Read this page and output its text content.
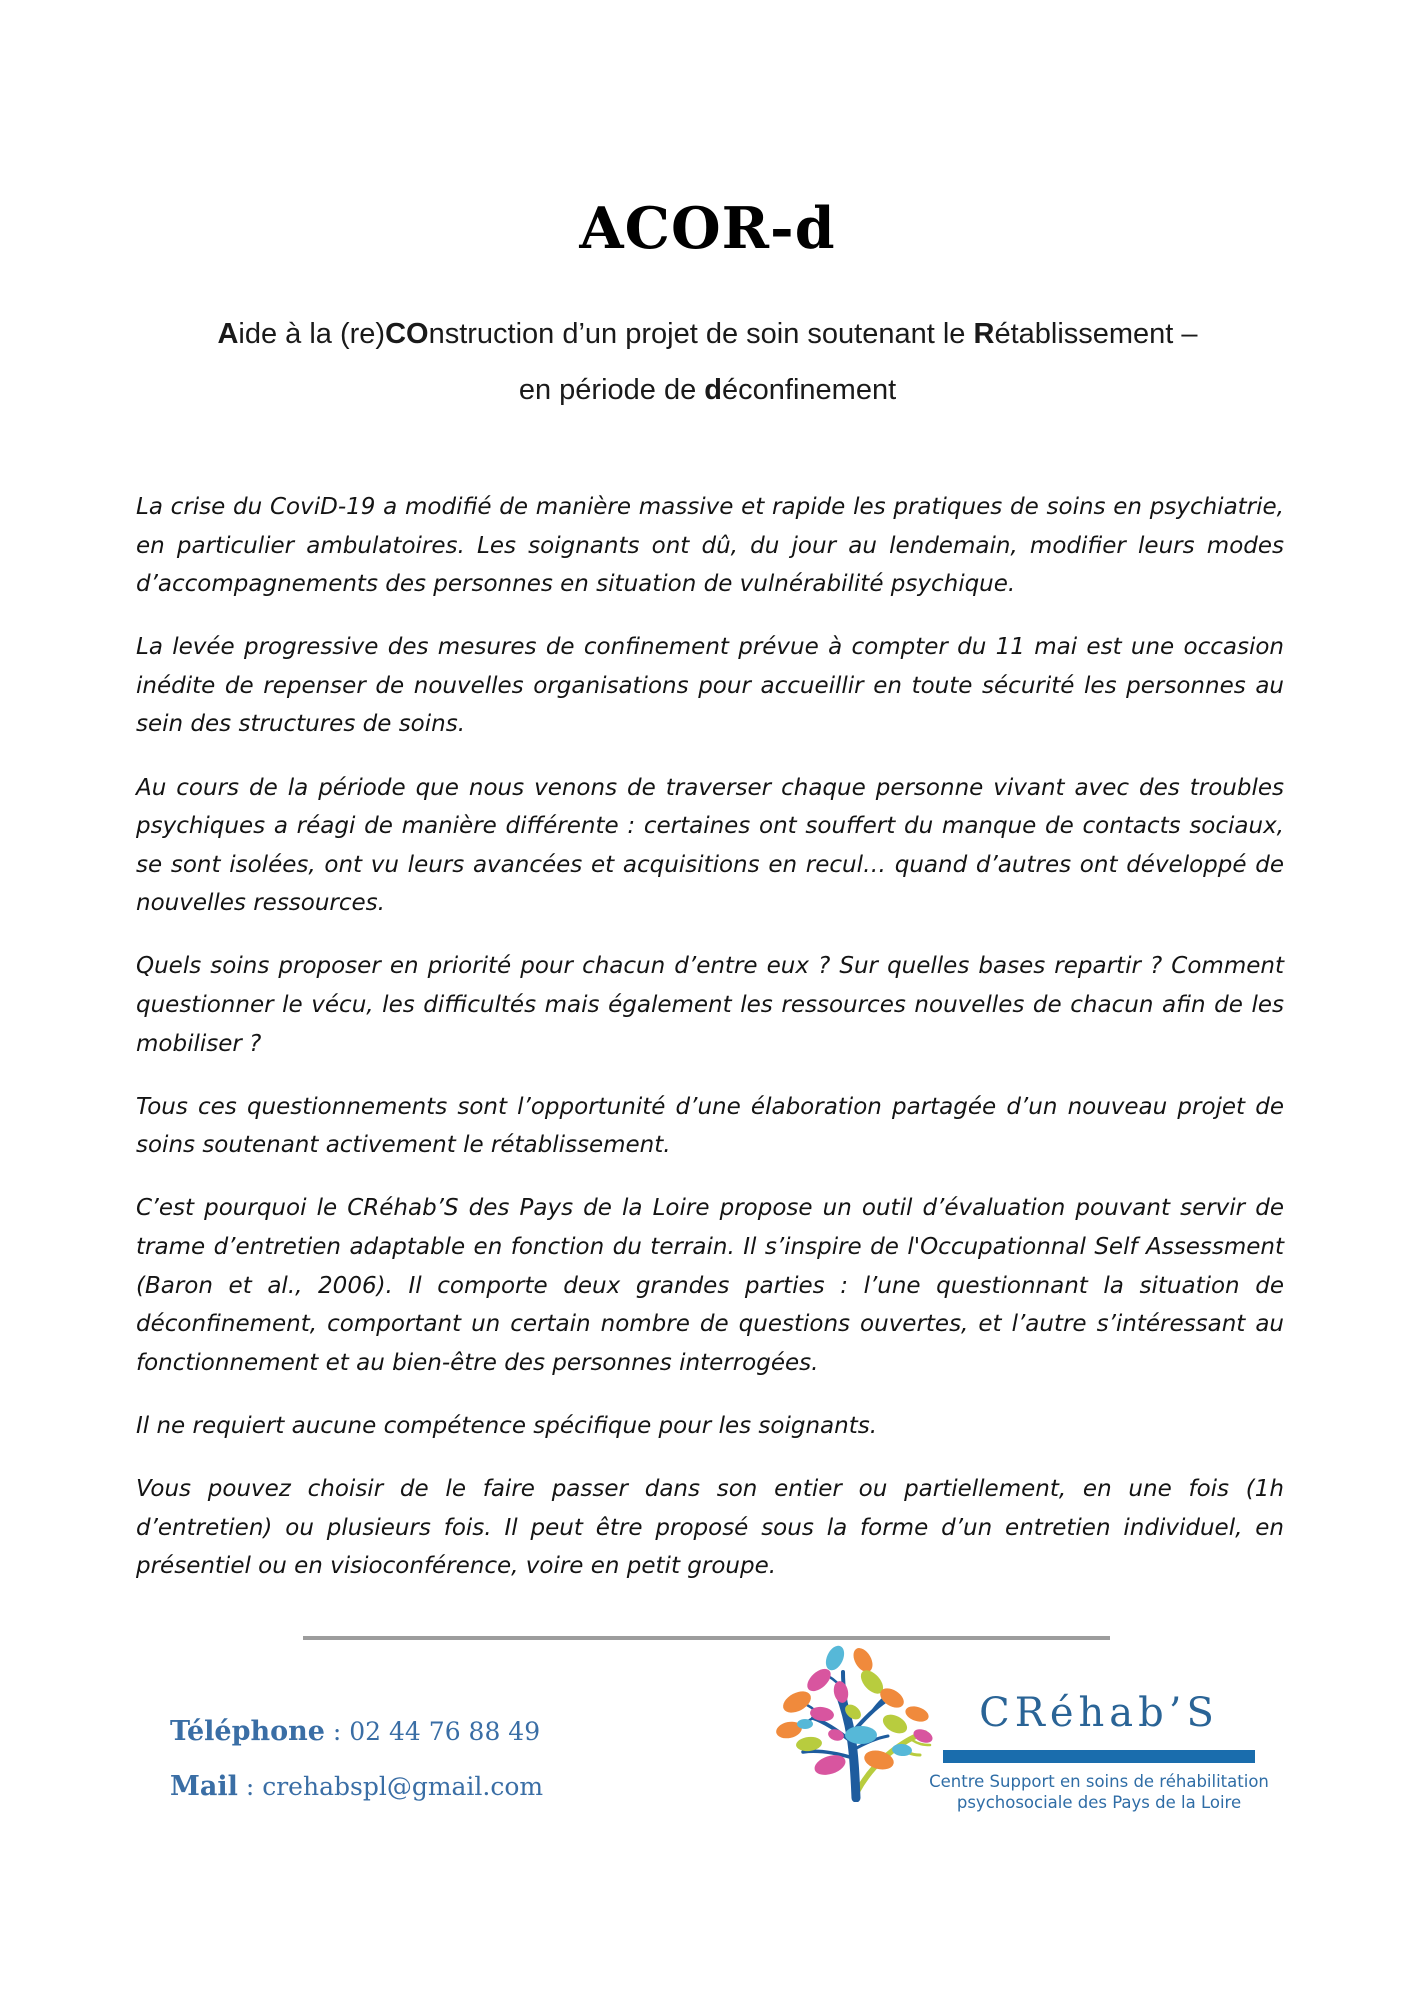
ACOR-d
Aide à la (re)COnstruction d’un projet de soin soutenant le Rétablissement –
en période de déconfinement

La crise du CoviD-19 a modifié de manière massive et rapide les pratiques de soins en psychiatrie, en particulier ambulatoires. Les soignants ont dû, du jour au lendemain, modifier leurs modes d’accompagnements des personnes en situation de vulnérabilité psychique.

La levée progressive des mesures de confinement prévue à compter du 11 mai est une occasion inédite de repenser de nouvelles organisations pour accueillir en toute sécurité les personnes au sein des structures de soins.

Au cours de la période que nous venons de traverser chaque personne vivant avec des troubles psychiques a réagi de manière différente : certaines ont souffert du manque de contacts sociaux, se sont isolées, ont vu leurs avancées et acquisitions en recul… quand d’autres ont développé de nouvelles ressources.

Quels soins proposer en priorité pour chacun d’entre eux ? Sur quelles bases repartir ? Comment questionner le vécu, les difficultés mais également les ressources nouvelles de chacun afin de les mobiliser ?

Tous ces questionnements sont l’opportunité d’une élaboration partagée d’un nouveau projet de soins soutenant activement le rétablissement.

C’est pourquoi le CRéhab’S des Pays de la Loire propose un outil d’évaluation pouvant servir de trame d’entretien adaptable en fonction du terrain. Il s’inspire de l'Occupationnal Self Assessment (Baron et al., 2006). Il comporte deux grandes parties : l’une questionnant la situation de déconfinement, comportant un certain nombre de questions ouvertes, et l’autre s’intéressant au fonctionnement et au bien-être des personnes interrogées.

Il ne requiert aucune compétence spécifique pour les soignants.

Vous pouvez choisir de le faire passer dans son entier ou partiellement, en une fois (1h d’entretien) ou plusieurs fois. Il peut être proposé sous la forme d’un entretien individuel, en présentiel ou en visioconférence, voire en petit groupe.

Téléphone : 02 44 76 88 49
Mail : crehabspl@gmail.com
CRéhab’S
Centre Support en soins de réhabilitation
psychosociale des Pays de la Loire
